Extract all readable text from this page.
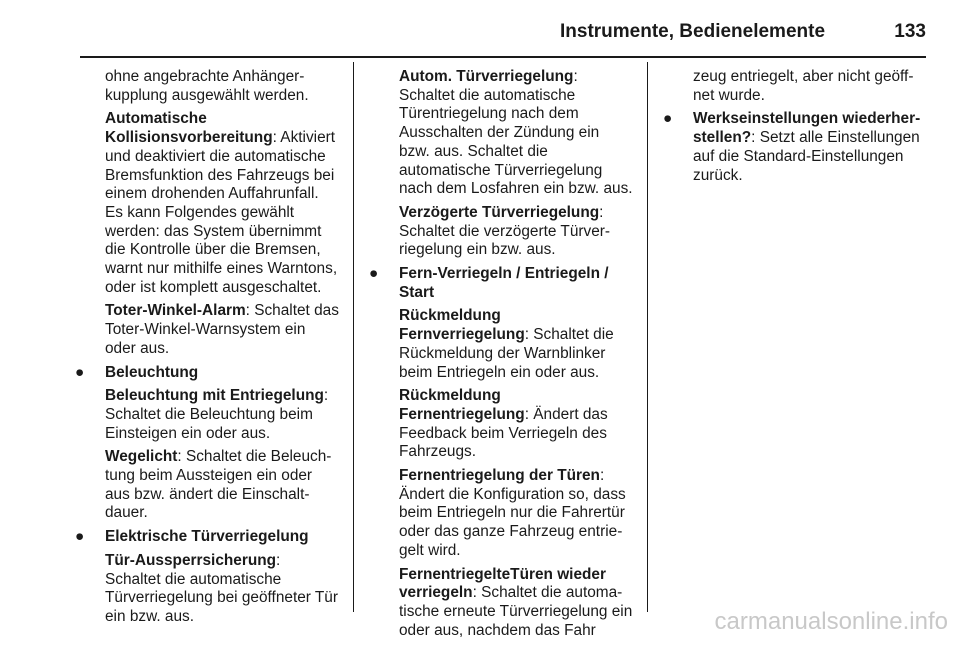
Instrumente, Bedienelemente	133

ohne angebrachte Anhängerkupplung ausgewählt werden.

Automatische Kollisionsvorbereitung: Aktiviert und deaktiviert die automatische Bremsfunktion des Fahrzeugs bei einem drohenden Auffahrunfall. Es kann Folgendes gewählt werden: das System übernimmt die Kontrolle über die Bremsen, warnt nur mithilfe eines Warntons, oder ist komplett ausgeschaltet.

Toter-Winkel-Alarm: Schaltet das Toter-Winkel-Warnsystem ein oder aus.

● Beleuchtung

Beleuchtung mit Entriegelung: Schaltet die Beleuchtung beim Einsteigen ein oder aus.

Wegelicht: Schaltet die Beleuchtung beim Aussteigen ein oder aus bzw. ändert die Einschaltdauer.

● Elektrische Türverriegelung

Tür-Aussperrsicherung: Schaltet die automatische Türverriegelung bei geöffneter Tür ein bzw. aus.

Autom. Türverriegelung: Schaltet die automatische Türentriegelung nach dem Ausschalten der Zündung ein bzw. aus. Schaltet die automatische Türverriegelung nach dem Losfahren ein bzw. aus.

Verzögerte Türverriegelung: Schaltet die verzögerte Türverriegelung ein bzw. aus.

● Fern-Verriegeln / Entriegeln / Start

Rückmeldung Fernverriegelung: Schaltet die Rückmeldung der Warnblinker beim Entriegeln ein oder aus.

Rückmeldung Fernentriegelung: Ändert das Feedback beim Verriegeln des Fahrzeugs.

Fernentriegelung der Türen: Ändert die Konfiguration so, dass beim Entriegeln nur die Fahrertür oder das ganze Fahrzeug entriegelt wird.

FernentriegelteTüren wieder verriegeln: Schaltet die automatische erneute Türverriegelung ein oder aus, nachdem das Fahr

zeug entriegelt, aber nicht geöffnet wurde.

● Werkseinstellungen wiederherstellen?: Setzt alle Einstellungen auf die Standard-Einstellungen zurück.

carmanualsonline.info
